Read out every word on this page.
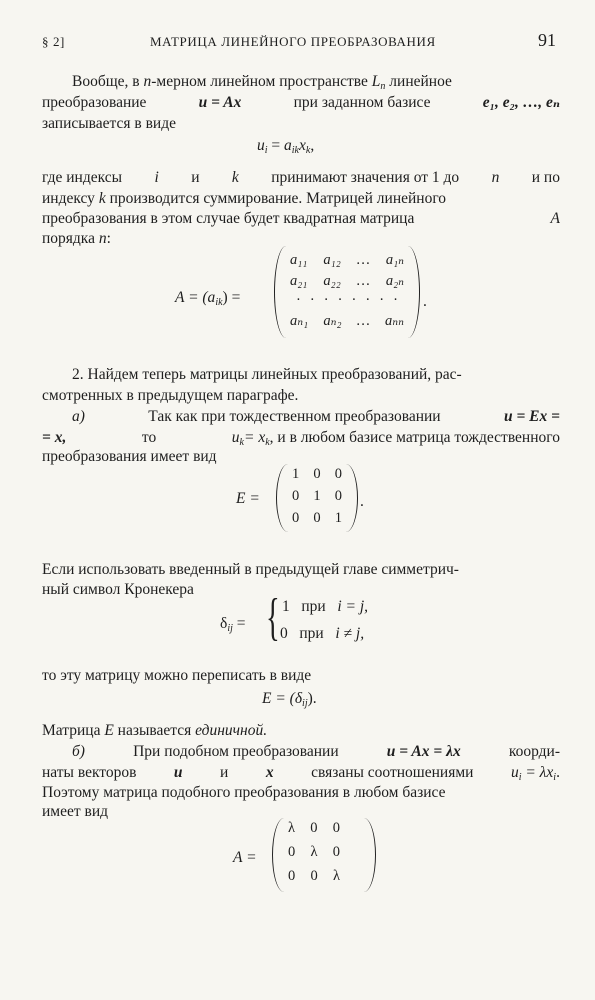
§ 2]	МАТРИЦА ЛИНЕЙНОГО ПРЕОБРАЗОВАНИЯ	91
Вообще, в n-мерном линейном пространстве $L_n$ линейное
преобразование	u = Ax	при заданном базисе	e₁, e₂, …, eₙ
записывается в виде
$u_i = a_{ik}x_k$,
где индексы i и k принимают значения от 1 до n и по
индексу k производится суммирование. Матрицей линейного
преобразования в этом случае будет квадратная матрица	A
порядка n:
$A = (a_{ik})$ =
a₁₁ a₁₂ … a₁ₙ
a₂₁ a₂₂ … a₂ₙ
· · · · · · · ·
aₙ₁ aₙ₂ … aₙₙ
.
2. Найдем теперь матрицы линейных преобразований, рас-
смотренных в предыдущем параграфе.
а)	Так как при тождественном преобразовании	u = Ex =
= x,	то	$u_k= x_k$, и в любом базисе матрица тождественного
преобразования имеет вид
E =
1 0 0
0 1 0
0 0 1
.
Если использовать введенный в предыдущей главе симметрич-
ный символ Кронекера
$\delta_{ij}$ = { 1 при i = j,
0 при i ≠ j,
то эту матрицу можно переписать в виде
$E = (\delta_{ij})$.
Матрица E называется единичной.
б)	При подобном преобразовании	u = Ax = λx	коорди-
наты векторов u и x связаны соотношениями $u_i = \lambda x_i$.
Поэтому матрица подобного преобразования в любом базисе
имеет вид
A =
λ 0 0
0 λ 0
0 0 λ
